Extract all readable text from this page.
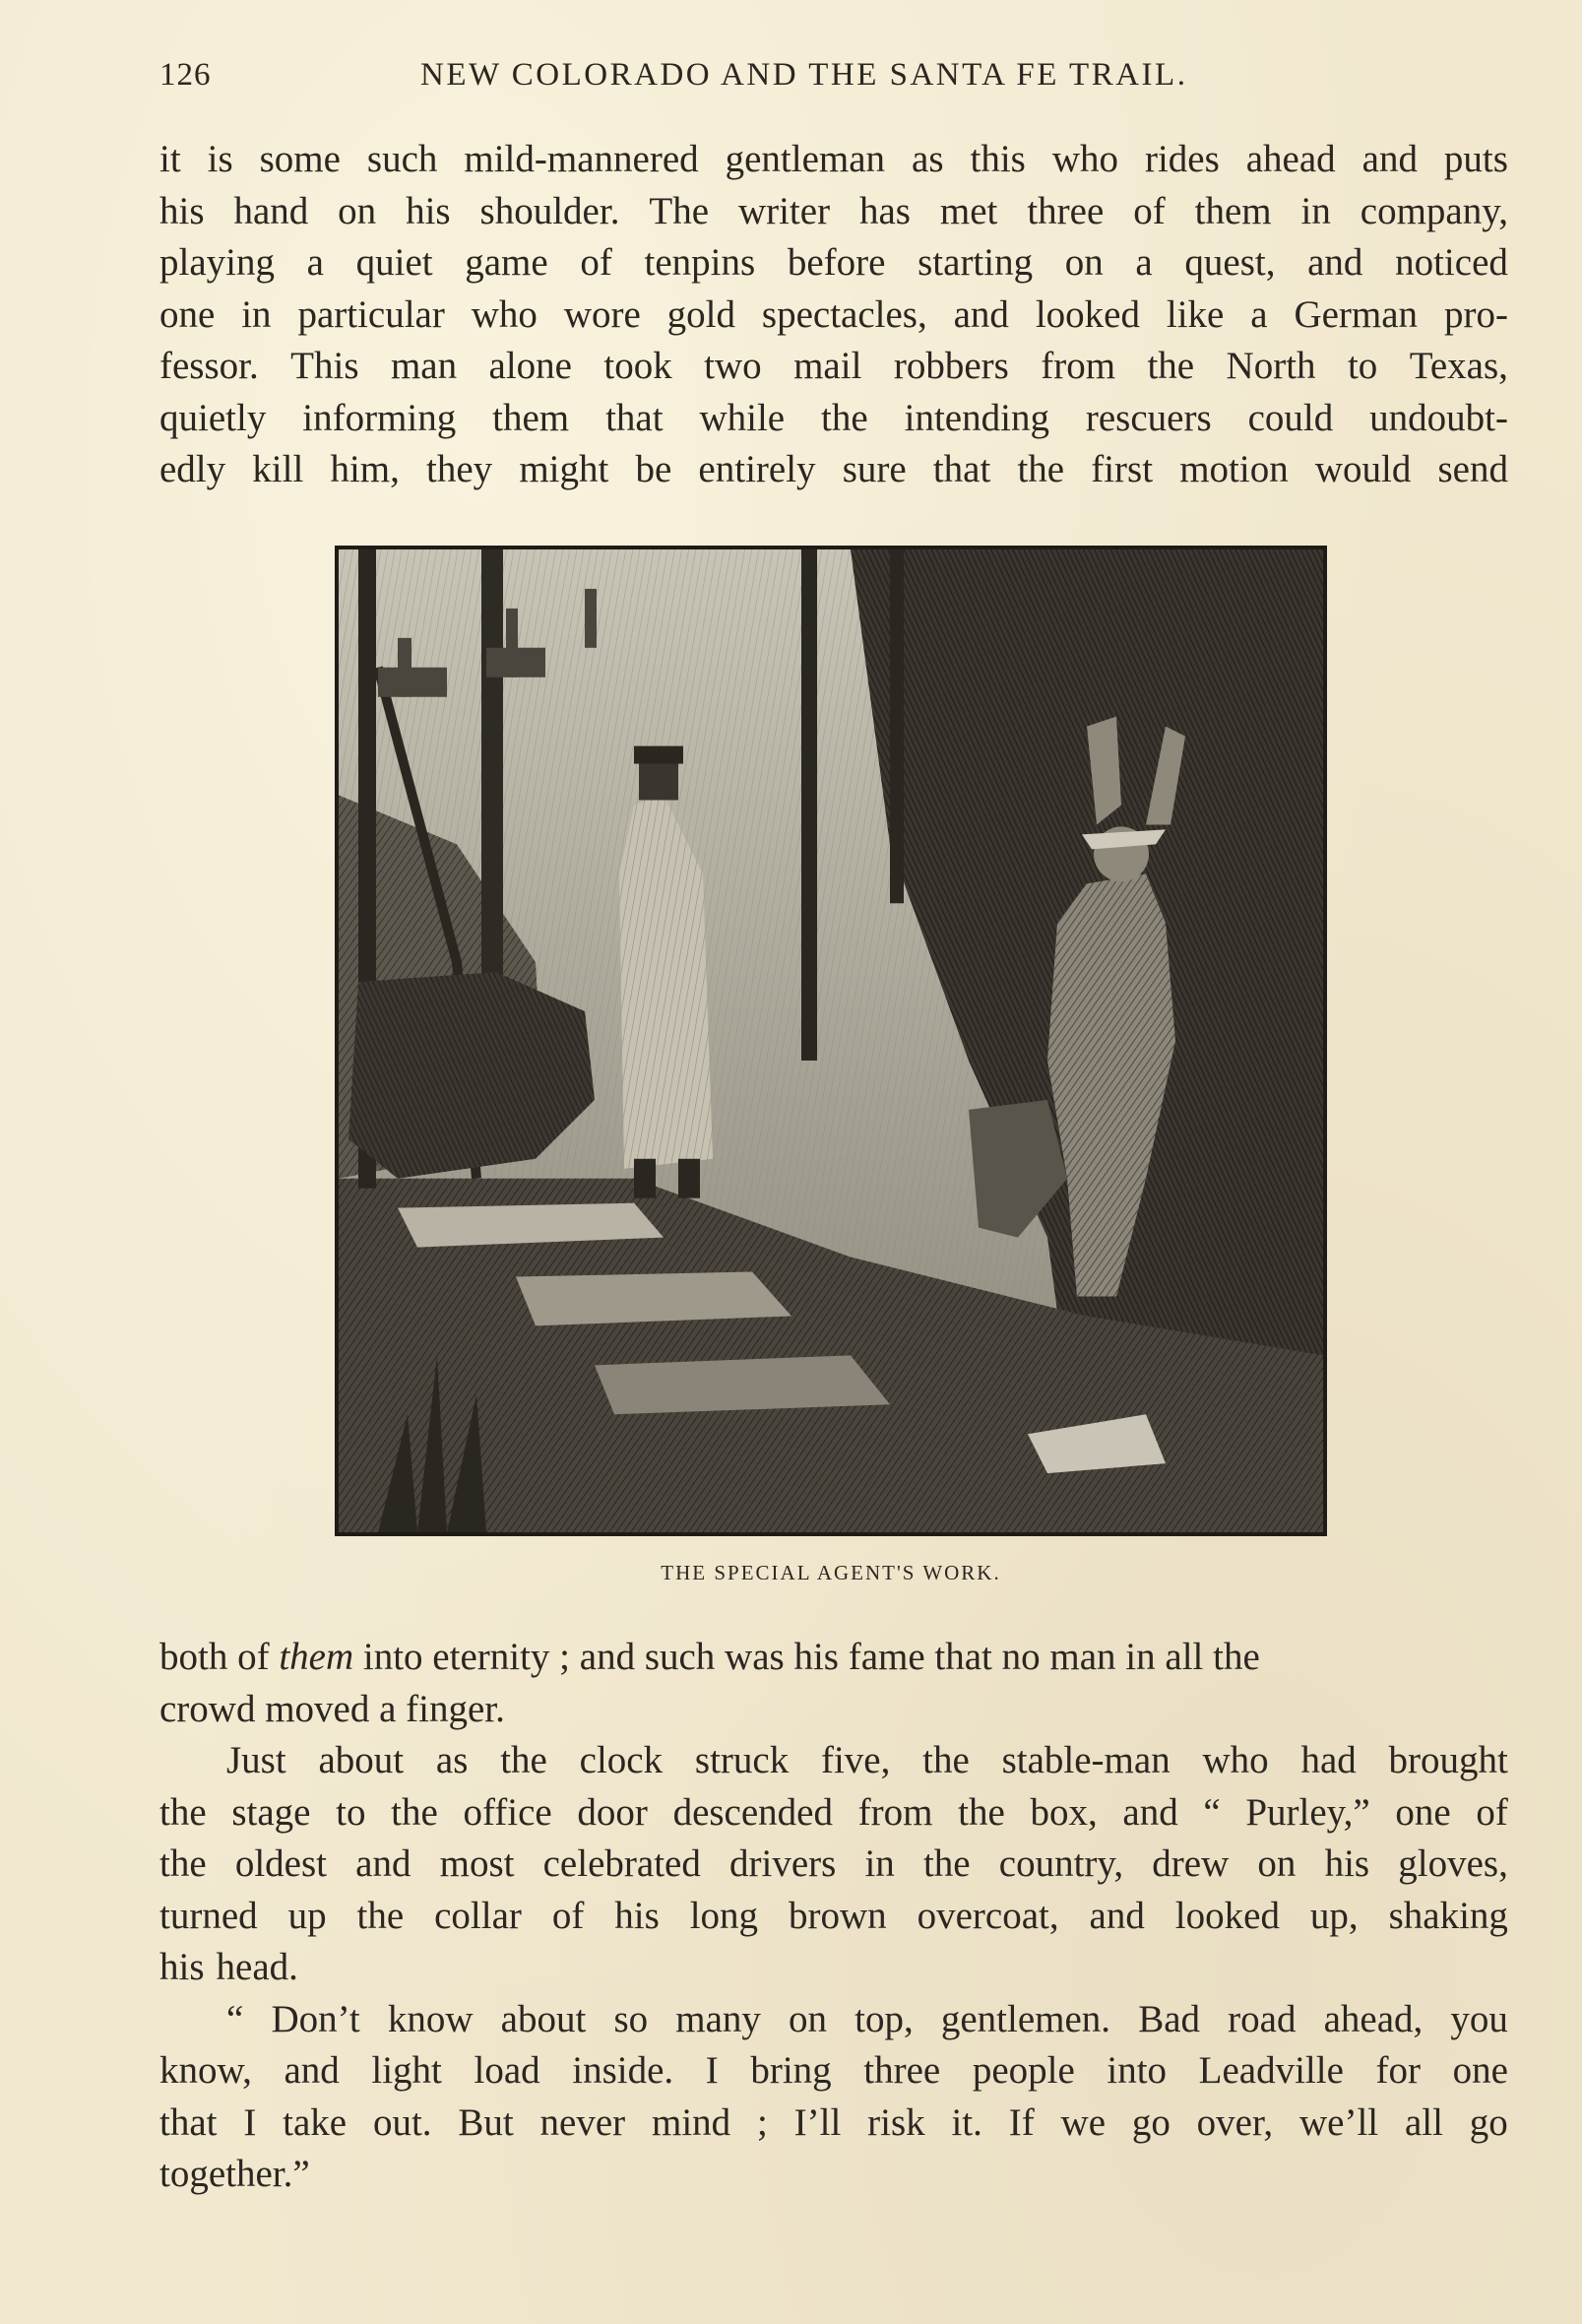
126	NEW COLORADO AND THE SANTA FE TRAIL.
it is some such mild-mannered gentleman as this who rides ahead and puts
his hand on his shoulder. The writer has met three of them in company,
playing a quiet game of tenpins before starting on a quest, and noticed
one in particular who wore gold spectacles, and looked like a German pro-
fessor. This man alone took two mail robbers from the North to Texas,
quietly informing them that while the intending rescuers could undoubt-
edly kill him, they might be entirely sure that the first motion would send
THE SPECIAL AGENT'S WORK.
both of them into eternity ; and such was his fame that no man in all the
crowd moved a finger.
Just about as the clock struck five, the stable-man who had brought
the stage to the office door descended from the box, and “ Purley,” one of
the oldest and most celebrated drivers in the country, drew on his gloves,
turned up the collar of his long brown overcoat, and looked up, shaking
his head.
“ Don’t know about so many on top, gentlemen. Bad road ahead, you
know, and light load inside. I bring three people into Leadville for one
that I take out. But never mind ; I’ll risk it. If we go over, we’ll all go
together.”
